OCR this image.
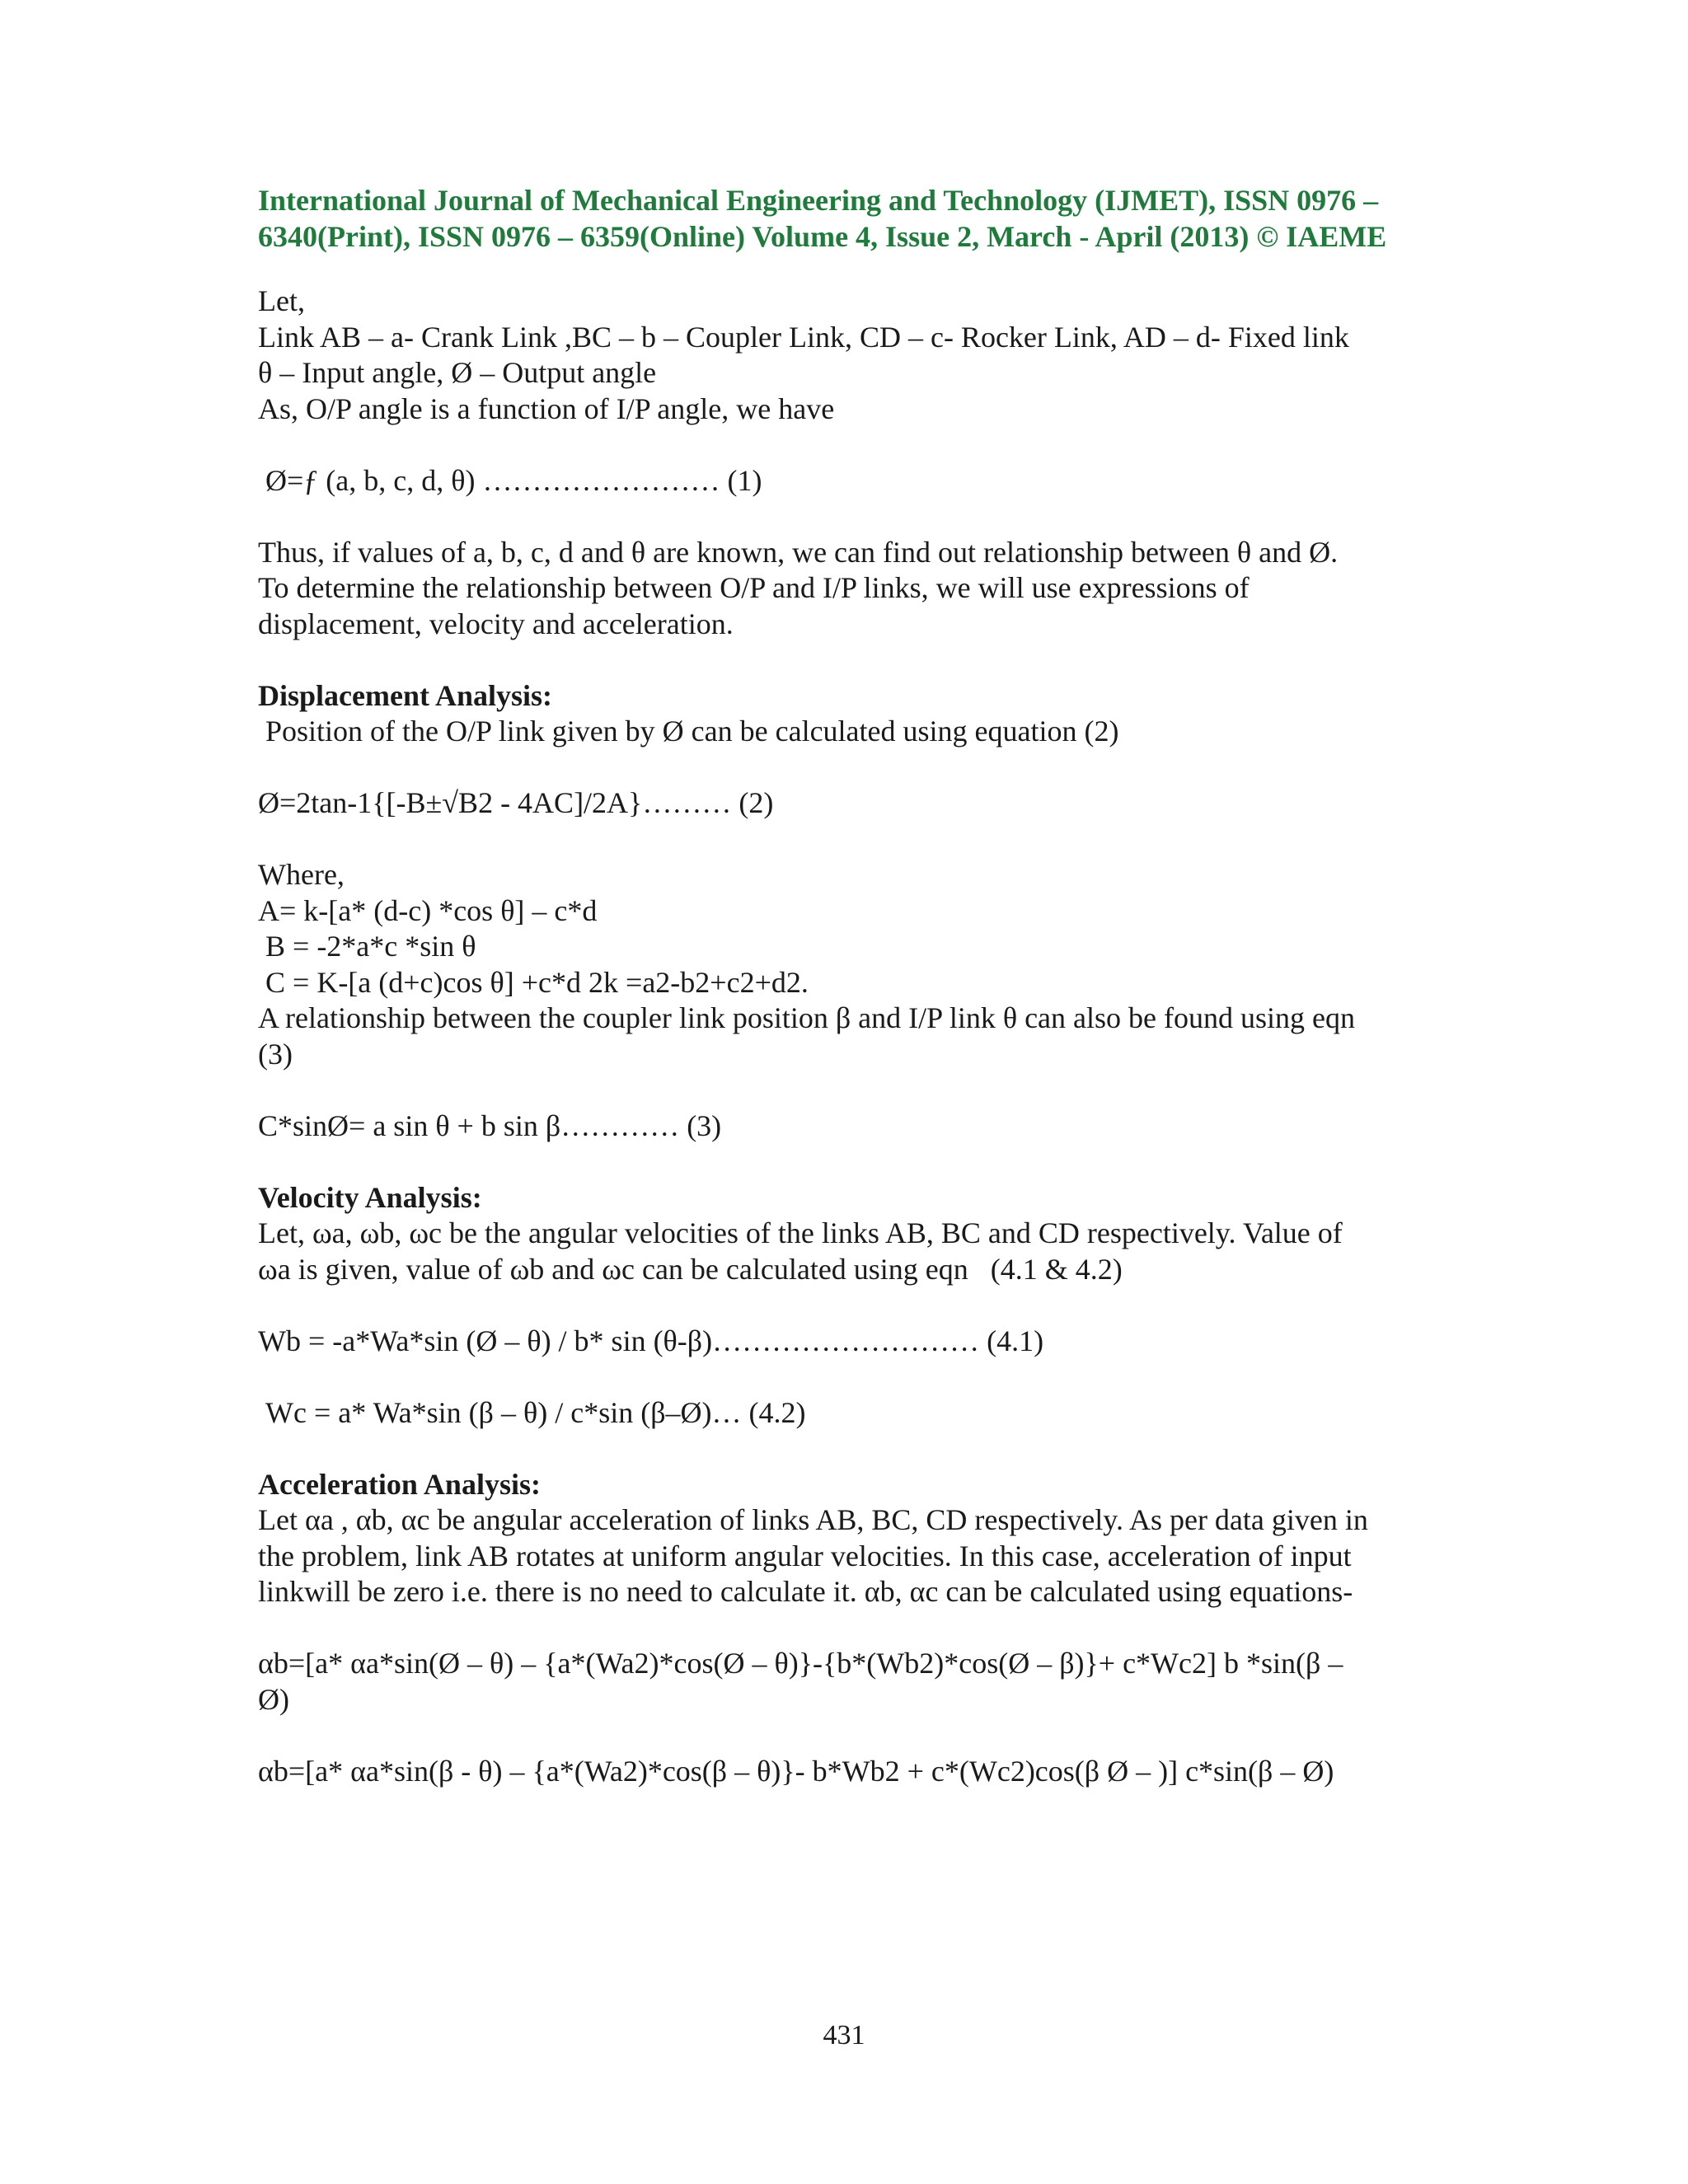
International Journal of Mechanical Engineering and Technology (IJMET), ISSN 0976 –
6340(Print), ISSN 0976 – 6359(Online) Volume 4, Issue 2, March - April (2013) © IAEME
Let,
Link AB – a- Crank Link ,BC – b – Coupler Link, CD – c- Rocker Link, AD – d- Fixed link
θ – Input angle, Ø – Output angle
As, O/P angle is a function of I/P angle, we have
Ø=ƒ (a, b, c, d, θ) …………………… (1)
Thus, if values of a, b, c, d and θ are known, we can find out relationship between θ and Ø.
To determine the relationship between O/P and I/P links, we will use expressions of
displacement, velocity and acceleration.
Displacement Analysis:
Position of the O/P link given by Ø can be calculated using equation (2)
Ø=2tan-1{[-B±√B2 - 4AC]/2A}……… (2)
Where,
A= k-[a* (d-c) *cos θ] – c*d
B = -2*a*c *sin θ
C = K-[a (d+c)cos θ] +c*d 2k =a2-b2+c2+d2.
A relationship between the coupler link position β and I/P link θ can also be found using eqn
(3)
C*sinØ= a sin θ + b sin β………… (3)
Velocity Analysis:
Let, ωa, ωb, ωc be the angular velocities of the links AB, BC and CD respectively. Value of
ωa is given, value of ωb and ωc can be calculated using eqn   (4.1 & 4.2)
Wb = -a*Wa*sin (Ø – θ) / b* sin (θ-β)……………………… (4.1)
Wc = a* Wa*sin (β – θ) / c*sin (β–Ø)… (4.2)
Acceleration Analysis:
Let αa , αb, αc be angular acceleration of links AB, BC, CD respectively. As per data given in
the problem, link AB rotates at uniform angular velocities. In this case, acceleration of input
linkwill be zero i.e. there is no need to calculate it. αb, αc can be calculated using equations-
αb=[a* αa*sin(Ø – θ) – {a*(Wa2)*cos(Ø – θ)}-{b*(Wb2)*cos(Ø – β)}+ c*Wc2] b *sin(β –
Ø)
αb=[a* αa*sin(β - θ) – {a*(Wa2)*cos(β – θ)}- b*Wb2 + c*(Wc2)cos(β Ø – )] c*sin(β – Ø)
431
